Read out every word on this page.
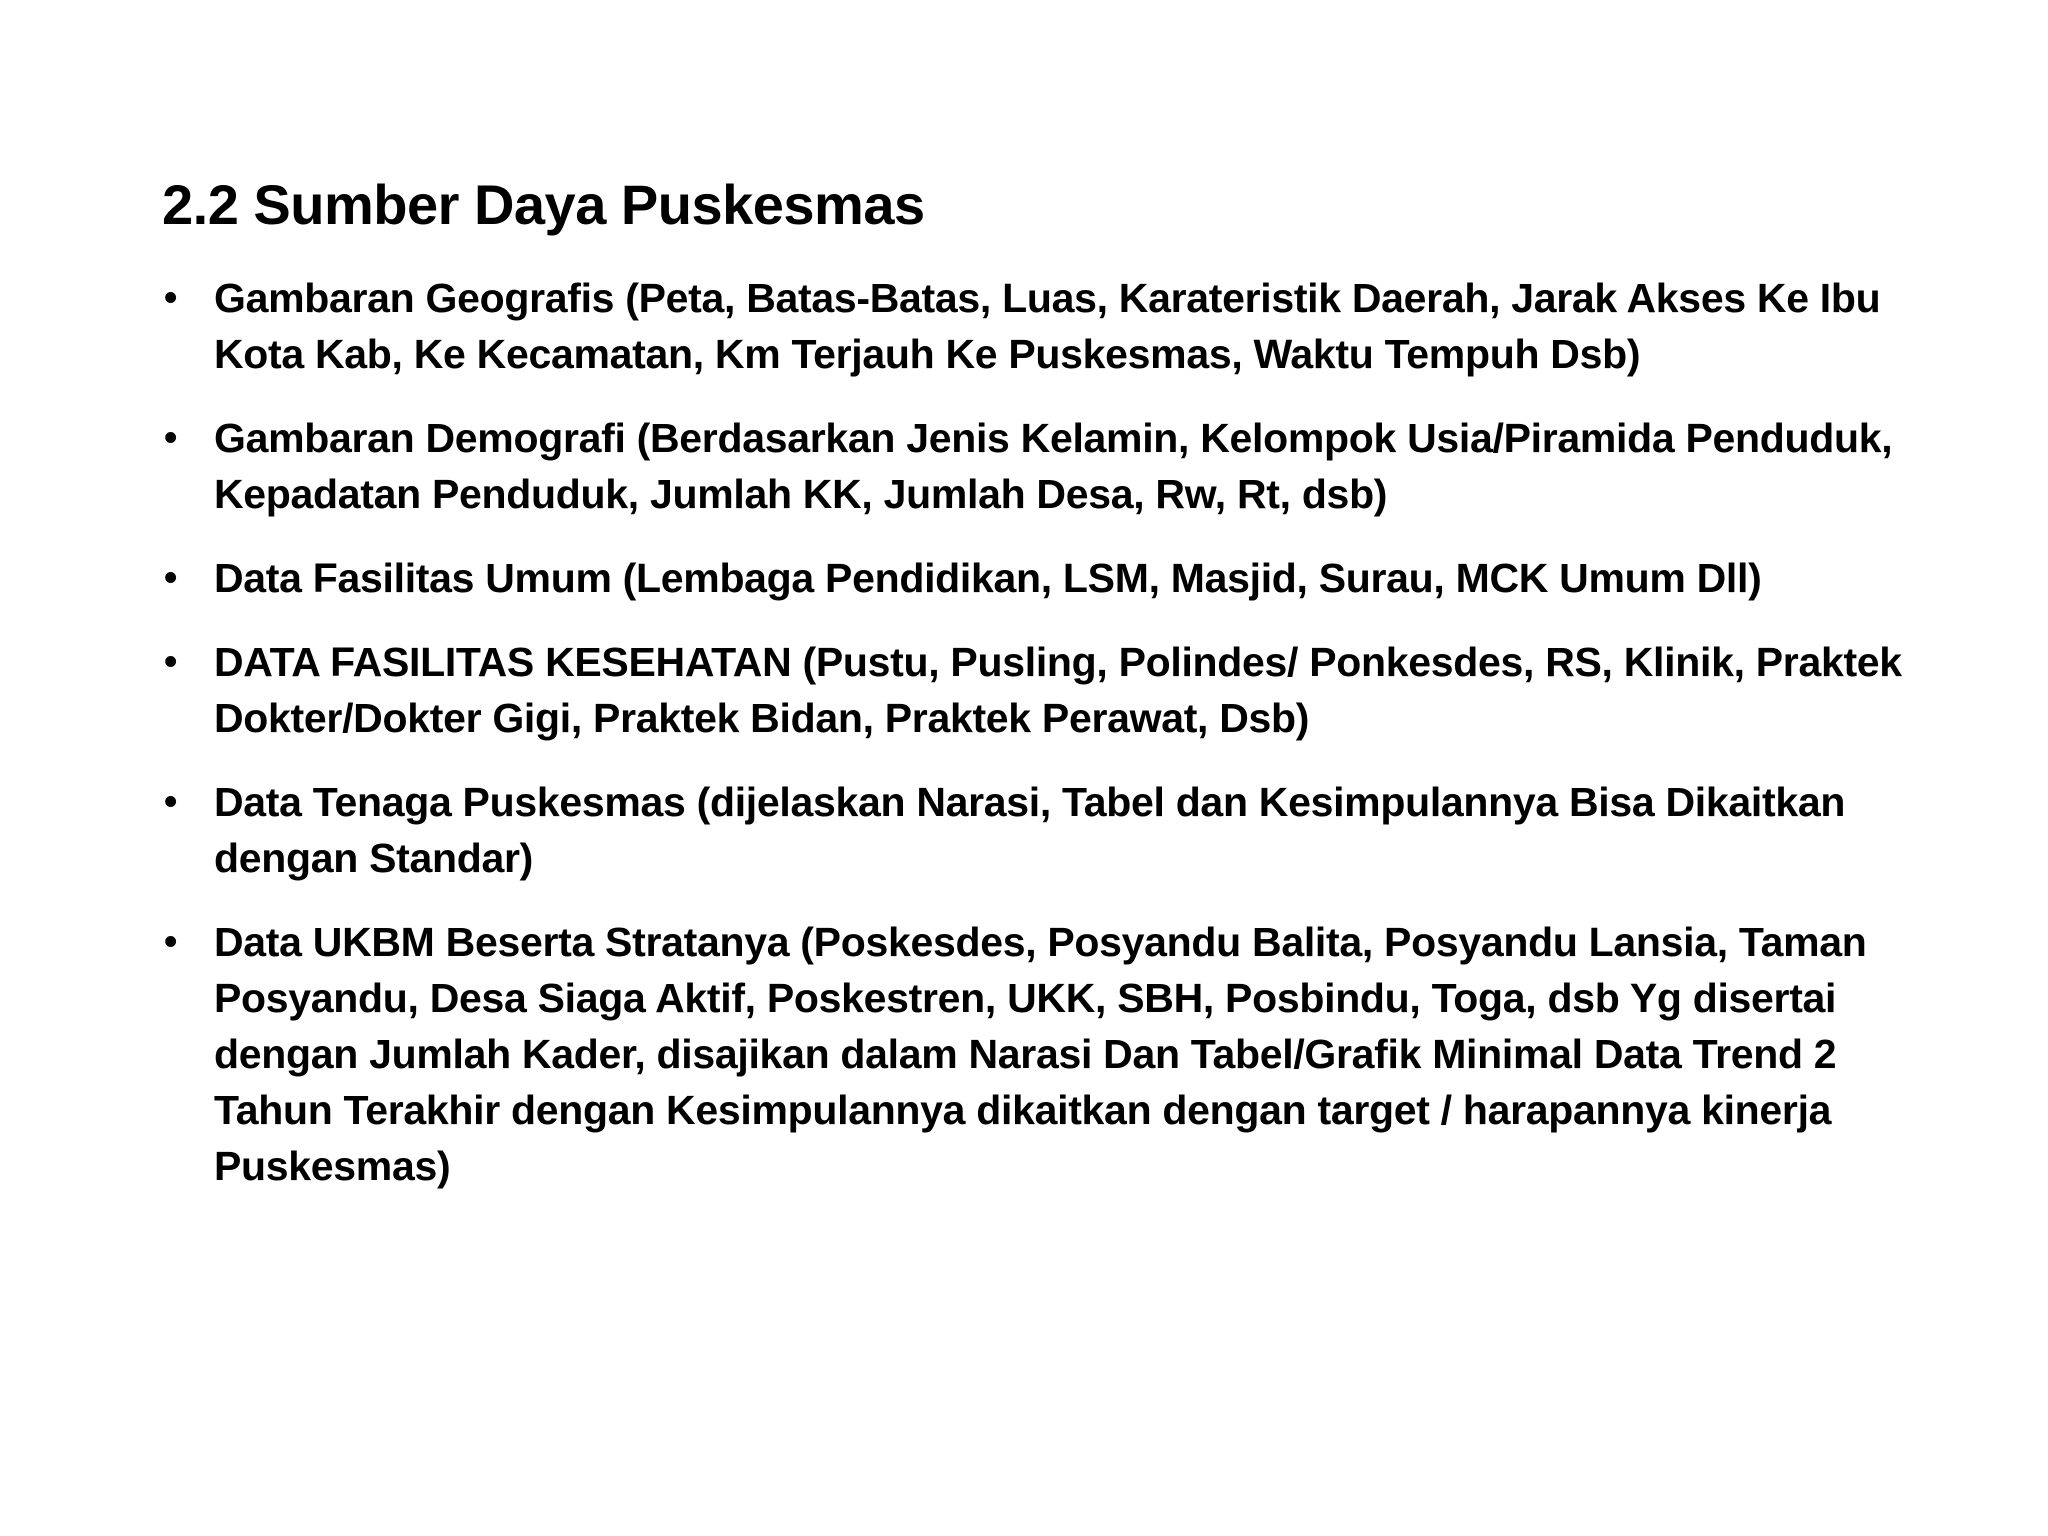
2.2 Sumber Daya Puskesmas
• Gambaran Geografis (Peta, Batas-Batas, Luas, Karateristik Daerah, Jarak Akses Ke Ibu Kota Kab, Ke Kecamatan, Km Terjauh Ke Puskesmas, Waktu Tempuh Dsb)
• Gambaran Demografi (Berdasarkan Jenis Kelamin, Kelompok Usia/Piramida Penduduk, Kepadatan Penduduk, Jumlah KK, Jumlah Desa, Rw, Rt, dsb)
• Data Fasilitas Umum (Lembaga Pendidikan, LSM, Masjid, Surau, MCK Umum Dll)
• DATA FASILITAS KESEHATAN (Pustu, Pusling, Polindes/ Ponkesdes, RS, Klinik, Praktek Dokter/Dokter Gigi, Praktek Bidan, Praktek Perawat, Dsb)
• Data Tenaga Puskesmas (dijelaskan Narasi, Tabel dan Kesimpulannya Bisa Dikaitkan dengan Standar)
• Data UKBM Beserta Stratanya (Poskesdes, Posyandu Balita, Posyandu Lansia, Taman Posyandu, Desa Siaga Aktif, Poskestren, UKK, SBH, Posbindu, Toga, dsb Yg disertai dengan Jumlah Kader, disajikan dalam Narasi Dan Tabel/Grafik Minimal Data Trend 2 Tahun Terakhir dengan Kesimpulannya dikaitkan dengan target / harapannya kinerja Puskesmas)
